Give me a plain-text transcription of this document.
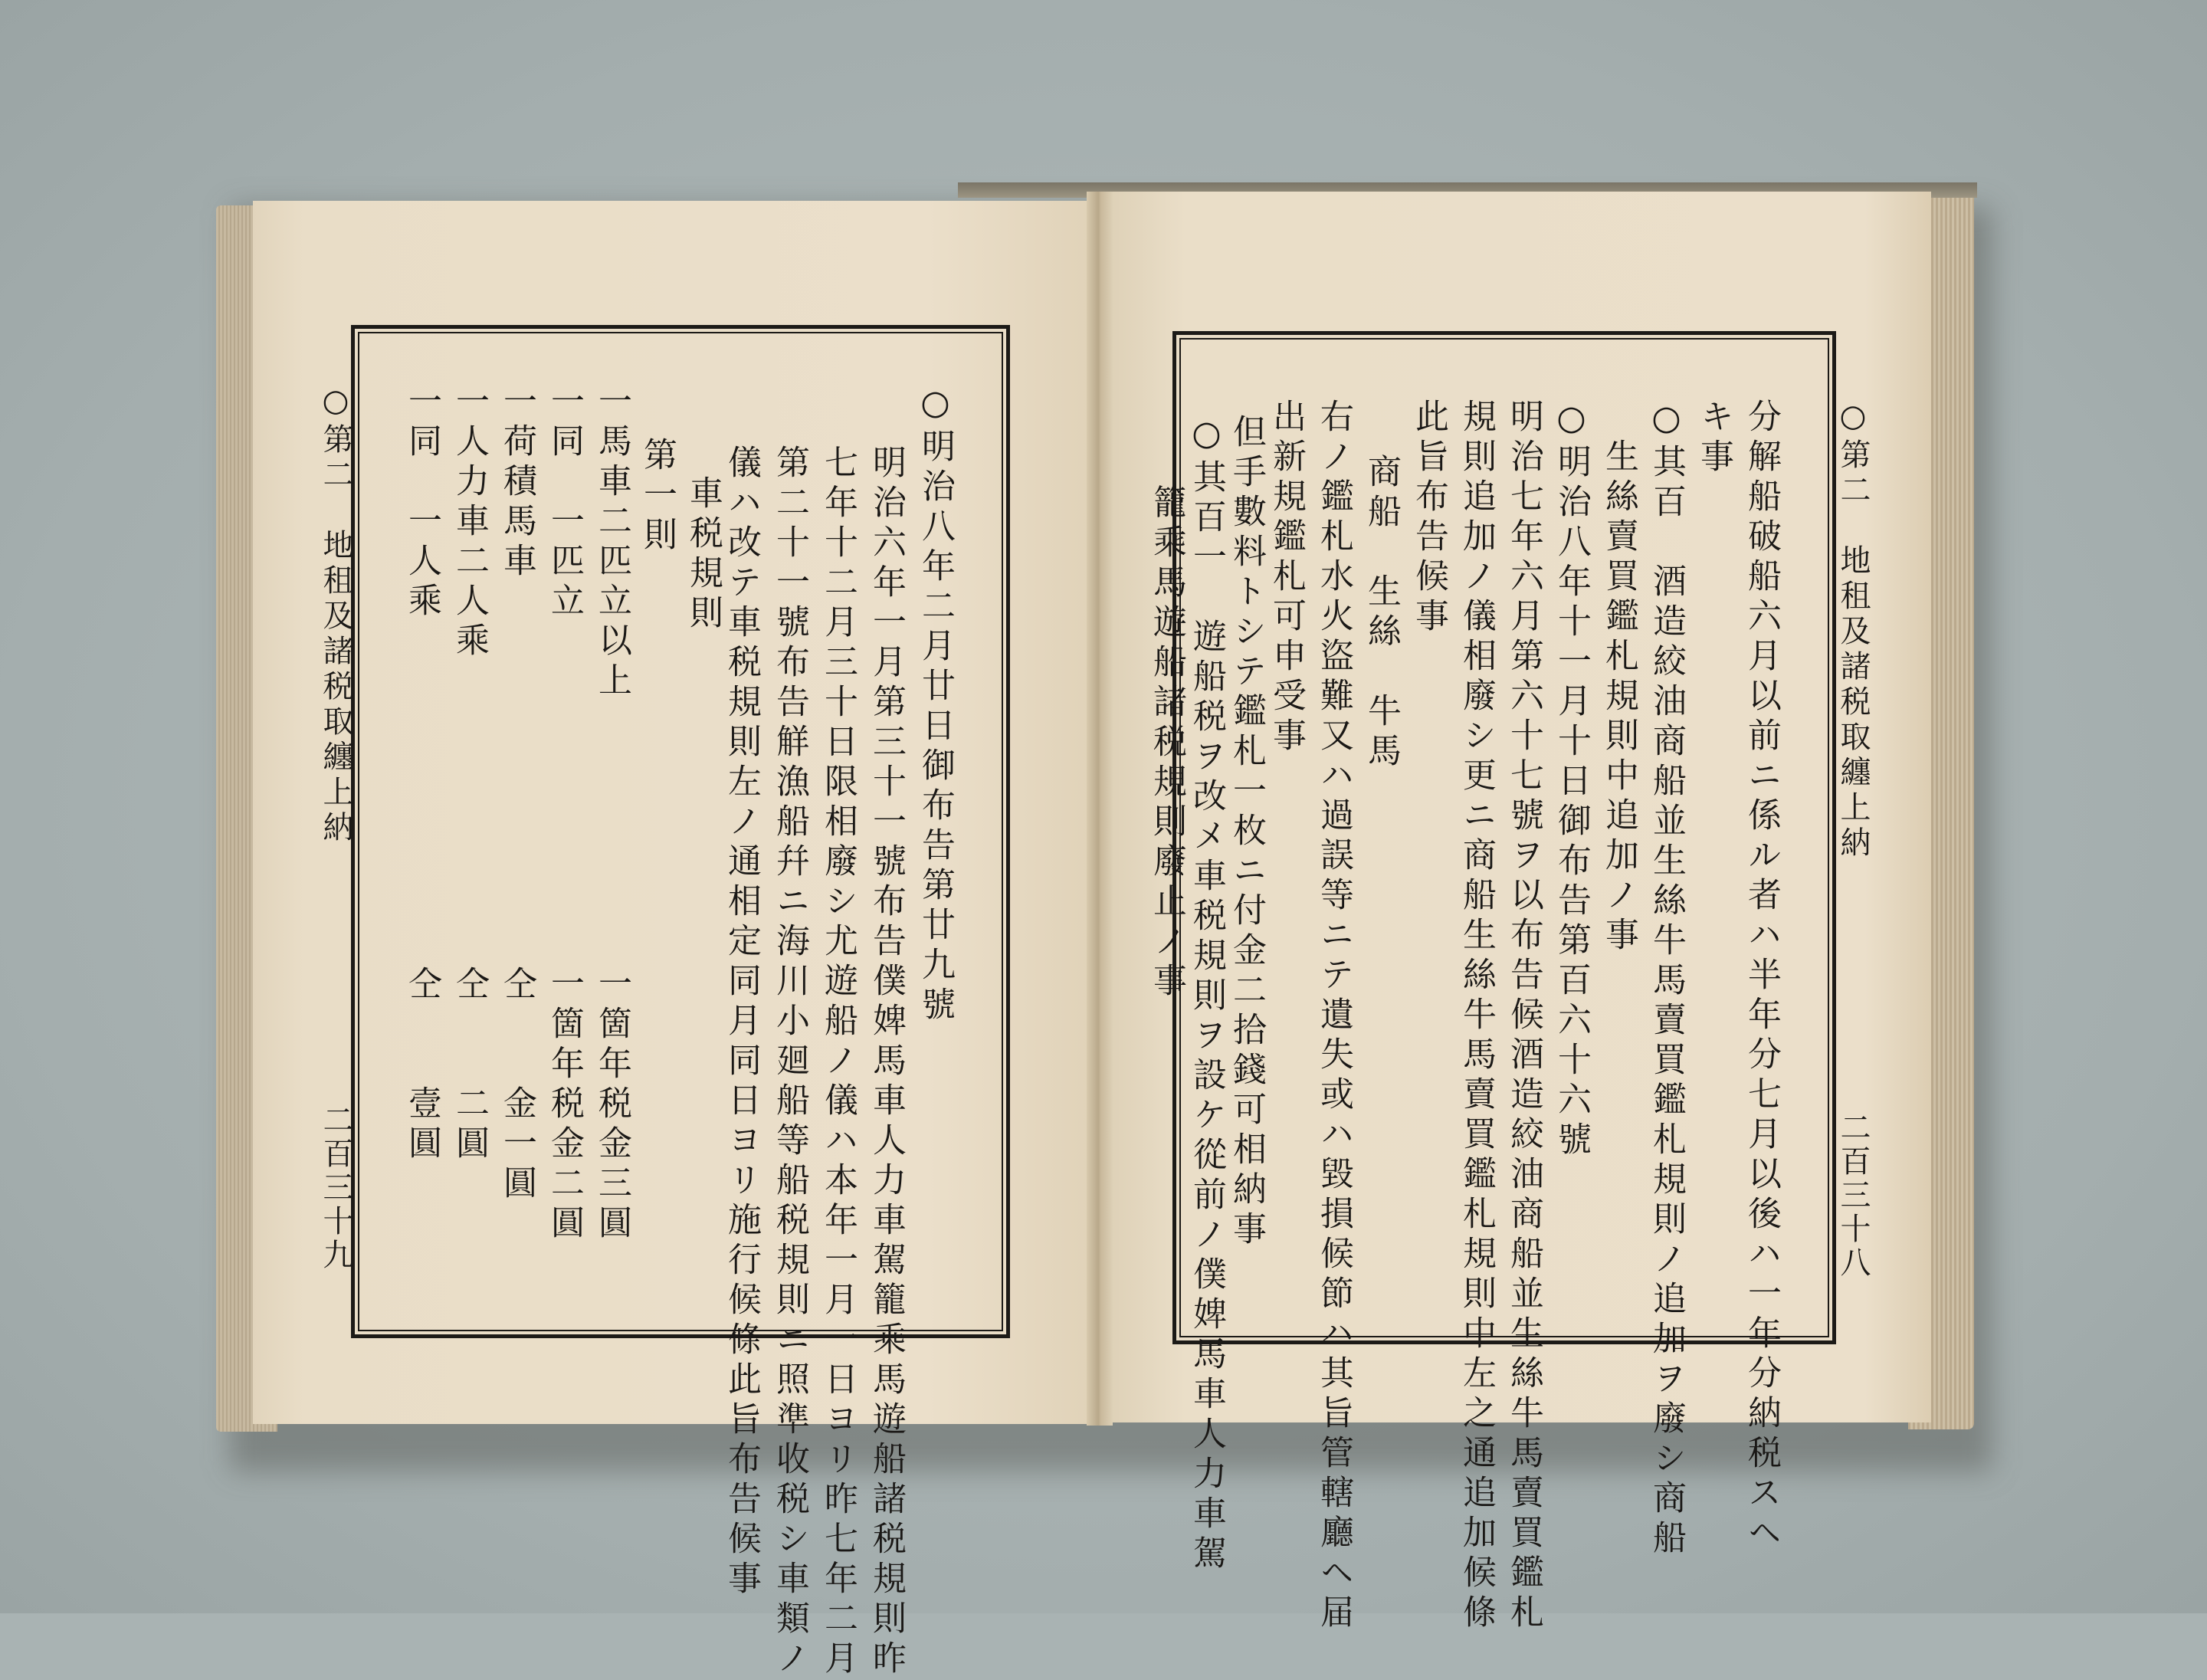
○第二　地租及諸税取纏上納
二百三十九
○明治八年二月廿日御布告第廿九號
明治六年一月第三十一號布告僕婢馬車人力車駕籠乘馬遊船諸税規則昨
七年十二月三十日限相廢シ尤遊船ノ儀ハ本年一月一日ヨリ昨七年二月
第二十一號布告觧漁船幷ニ海川小廻船等船税規則ニ照準收税シ車類ノ
儀ハ改テ車税規則左ノ通相定同月同日ヨリ施行候條此旨布告候事
車税規則
第一則
一馬車二匹立以上
一箇年税金三圓
一同　一匹立
一箇年税金二圓
一荷積馬車
仝　　金一圓
一人力車二人乘
仝　　二圓
一同　一人乘
仝　　壹圓
○第二　地租及諸税取纏上納
二百三十八
分解船破船六月以前ニ係ル者ハ半年分七月以後ハ一年分納税スヘ
キ事
○其百　酒造絞油商船並生絲牛馬賣買鑑札規則ノ追加ヲ廢シ商船
　生絲賣買鑑札規則中追加ノ事
○明治八年十一月十日御布告第百六十六號
明治七年六月第六十七號ヲ以布告候酒造絞油商船並生絲牛馬賣買鑑札
規則追加ノ儀相廢シ更ニ商船生絲牛馬賣買鑑札規則中左之通追加候條
此旨布告候事
　商船　生絲　牛馬
右ノ鑑札水火盜難又ハ過誤等ニテ遺失或ハ毀損候節ハ其旨管轄廳ヘ届
出新規鑑札可申受事
但手數料トシテ鑑札一枚ニ付金二拾錢可相納事
○其百一　遊船税ヲ改メ車税規則ヲ設ケ從前ノ僕婢馬車人力車駕
　籠乘馬遊船諸税規則廢止ノ事
